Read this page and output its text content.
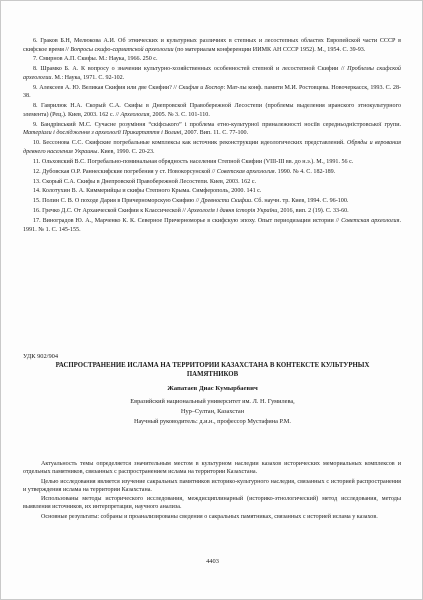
6. Граков Б.Н, Мелюкова А.И. Об этнических и культурных различиях в степных и лесостепных областях Европейской части СССР в скифское время // Вопросы скифо-сарматской археологии (по материалам конференции ИИМК АН СССР 1952). М., 1954. С. 39-93.

7. Смирнов А.П. Скифы. М.: Наука, 1966. 250 с.

8. Шрамко Б. А. К вопросу о значении культурно-хозяйственных особенностей степной и лесостепной Скифии // Проблемы скифской археологии. М.: Наука, 1971. С. 92-102.

9. Алексеев А. Ю. Великая Скифия или две Скифии? // Скифия и Боспор: Мат-лы конф. памяти М.И. Ростовцева. Новочеркасск, 1993. С. 28-38.

8. Гаврилюк Н.А. Скорый С.А. Скифы в Днепровской Правобережной Лесостепи (проблемы выделения иранского этнокультурного элемента) (Рец.). Киев, 2003. 162 с. // Археология, 2005. № 3. С. 101-110.

9. Бандрівський М.С. Сучасне розуміння “скіфського” і проблема етно-культурної приналежності носіїв середньодністровської групи. Матеріали і дослідження з археології Прикарпаття і Волині, 2007. Вип. 11. С. 77-100.

10. Бессонова С.С. Скифские погребальные комплексы как источник реконструкции идеологических представлений. Обряды и верования древнего населения Украины. Киев, 1990. С. 20-23.

11. Ольховский В.С. Погребально-поминальная обрядность населения Степной Скифии (VIII-III вв. до н.э.). М., 1991. 56 с.

12. Дубовская О.Р. Раннескифские погребения у ст. Новокорсунской // Советская археология. 1990. № 4. С. 182-189.

13. Скорый С.А. Скифы в Днепровской Правобережной Лесостепи. Киев, 2003. 162 с.

14. Колотухин В. А. Киммерийцы и скифы Степного Крыма. Симферополь, 2000. 141 с.

15. Полин С. В. О походе Дария в Причерноморскую Скифию // Древности Скифии. Сб. научн. тр. Киев, 1994. С. 96-100.

16. Гречко Д.С. От Архаической Скифии к Классической // Археологія і давня історія України, 2016, вип. 2 (19). С. 33-60.

17. Виноградов Ю. А., Марченко К. К. Северное Причерноморье в скифскую эпоху. Опыт периодизации истории // Советская археология. 1991. № 1. С. 145-155.

УДК 902/904
РАСПРОСТРАНЕНИЕ ИСЛАМА НА ТЕРРИТОРИИ КАЗАХСТАНА В КОНТЕКСТЕ КУЛЬТУРНЫХ ПАМЯТНИКОВ
Жапатаев Диас Кумырбаевич
Евразийский национальный университет им. Л. Н. Гумилева,
Нур–Султан, Казахстан
Научный руководитель: д.и.н., профессор Мустафина Р.М.

Актуальность темы определяется значительным местом в культурном наследии казахов исторических мемориальных комплексов и отдельных памятников, связанных с распространением ислама на территории Казахстана.

Целью исследования является изучение сакральных памятников историко-культурного наследия, связанных с историей распространения и утверждения ислама на территории Казахстана.

Использованы методы исторического исследования, междисциплинарный (историко-этнологический) метод исследования, методы выявления источников, их интерпретации, научного анализа.

Основные результаты: собраны и проанализированы сведения о сакральных памятниках, связанных с историей ислама у казахов.

4403
